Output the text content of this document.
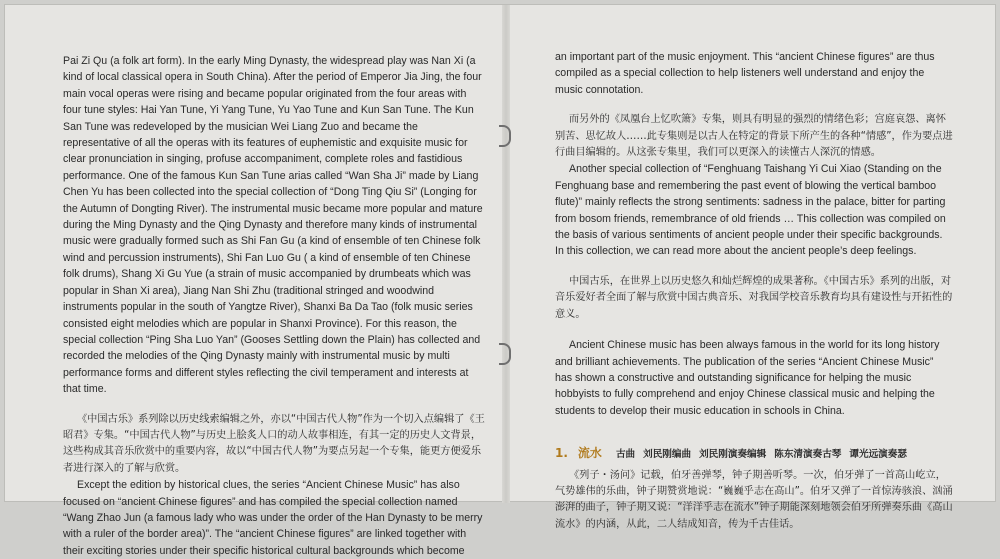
Pai Zi Qu (a folk art form). In the early Ming Dynasty, the widespread play was Nan Xi (a kind of local classical opera in South China). After the period of Emperor Jia Jing, the four main vocal operas were rising and became popular originated from the four areas with four tune styles: Hai Yan Tune, Yi Yang Tune, Yu Yao Tune and Kun San Tune. The Kun San Tune was redeveloped by the musician Wei Liang Zuo and became the representative of all the operas with its features of euphemistic and exquisite music for clear pronunciation in singing, profuse accompaniment, complete roles and fastidious performance. One of the famous Kun San Tune arias called “Wan Sha Ji” made by Liang Chen Yu has been collected into the special collection of “Dong Ting Qiu Si” (Longing for the Autumn of Dongting River). The instrumental music became more popular and mature during the Ming Dynasty and the Qing Dynasty and therefore many kinds of instrumental music were gradually formed such as Shi Fan Gu (a kind of ensemble of ten Chinese folk wind and percussion instruments), Shi Fan Luo Gu ( a kind of ensemble of ten Chinese folk drums), Shang Xi Gu Yue (a strain of music accompanied by drumbeats which was popular in Shan Xi area), Jiang Nan Shi Zhu (traditional stringed and woodwind instruments popular in the south of Yangtze River), Shanxi Ba Da Tao (folk music series consisted eight melodies which are popular in Shanxi Province). For this reason, the special collection “Ping Sha Luo Yan” (Gooses Settling down the Plain) has collected and recorded the melodies of the Qing Dynasty mainly with instrumental music by multi performance forms and different styles reflecting the civil temperament and interests at that time.

《中国古乐》系列除以历史线索编辑之外，亦以“中国古代人物”作为一个切入点编辑了《王昭君》专集。“中国古代人物”与历史上脍炙人口的动人故事相连，有其一定的历史人文背景，这些构成其音乐欣赏中的重要内容，故以“中国古代人物”为要点另起一个专集，能更方便爱乐者进行深入的了解与欣赏。

Except the edition by historical clues, the series “Ancient Chinese Music” has also focused on “ancient Chinese figures” and has compiled the special collection named “Wang Zhao Jun (a famous lady who was under the order of the Han Dynasty to be merry with a ruler of the border area)”. The “ancient Chinese figures” are linked together with their exciting stories under their specific historical cultural backgrounds which become

an important part of the music enjoyment. This “ancient Chinese figures” are thus compiled as a special collection to help listeners well understand and enjoy the music connotation.

而另外的《凤凰台上忆吹箫》专集，则具有明显的强烈的情绪色彩；宫庭哀怨、离怀别苦、思忆故人……此专集则是以古人在特定的背景下所产生的各种“情感”，作为要点进行曲目编辑的。从这张专集里，我们可以更深入的读懂古人深沉的情感。

Another special collection of “Fenghuang Taishang Yi Cui Xiao (Standing on the Fenghuang base and remembering the past event of blowing the vertical bamboo flute)” mainly reflects the strong sentiments: sadness in the palace, bitter for parting from bosom friends, remembrance of old friends … This collection was compiled on the basis of various sentiments of ancient people under their specific backgrounds. In this collection, we can read more about the ancient people’s deep feelings.

中国古乐，在世界上以历史悠久和灿烂辉煌的成果著称。《中国古乐》系列的出版，对音乐爱好者全面了解与欣赏中国古典音乐、对我国学校音乐教育均具有建设性与开拓性的意义。

Ancient Chinese music has been always famous in the world for its long history and brilliant achievements. The publication of the series “Ancient Chinese Music” has shown a constructive and outstanding significance for helping the music hobbyists to fully comprehend and enjoy Chinese classical music and helping the students to develop their music education in schools in China.

1. 流水 古曲 刘民刚编曲 刘民刚演奏编辑 陈东清演奏古琴 谭光远演奏瑟

《列子・汤问》记载，伯牙善弹琴，钟子期善听琴。一次，伯牙弹了一首高山屹立，气势雄伟的乐曲，钟子期赞赏地说：“巍巍乎志在高山”。伯牙又弹了一首惊涛骇浪、汹涌澎湃的曲子，钟子期又说：“洋洋乎志在流水”钟子期能深刻地领会伯牙所弹奏乐曲《高山流水》的内涵，从此，二人结成知音，传为千古佳话。
